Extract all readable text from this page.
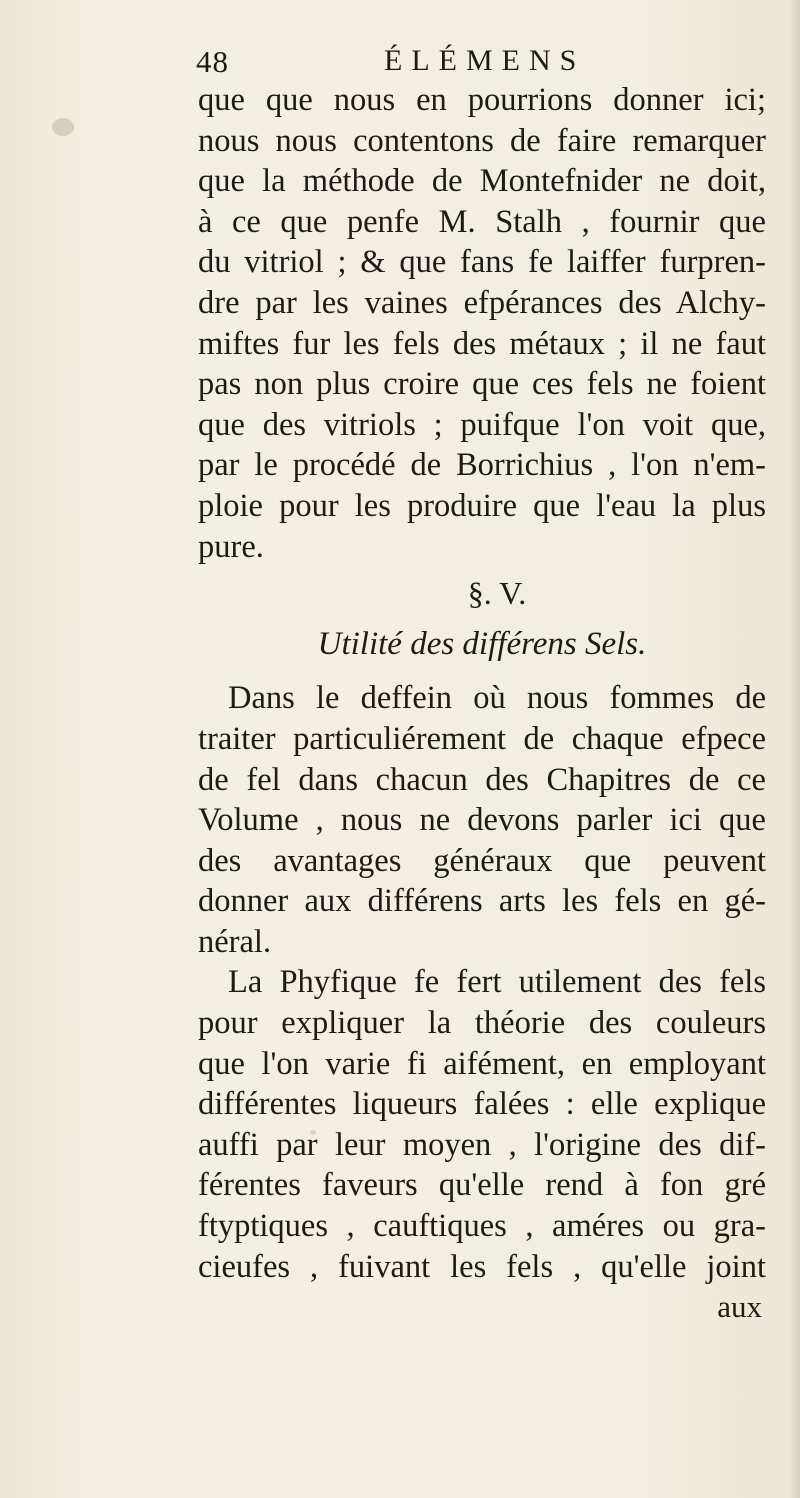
48	ÉLÉMENS

que que nous en pourrions donner ici;
nous nous contentons de faire remarquer
que la méthode de Montefnider ne doit,
à ce que penfe M. Stalh , fournir que
du vitriol ; & que fans fe laiffer furpren-
dre par les vaines efpérances des Alchy-
miftes fur les fels des métaux ; il ne faut
pas non plus croire que ces fels ne foient
que des vitriols ; puifque l'on voit que,
par le procédé de Borrichius , l'on n'em-
ploie pour les produire que l'eau la plus
pure.

§. V.
Utilité des différens Sels.

Dans le deffein où nous fommes de
traiter particuliérement de chaque efpece
de fel dans chacun des Chapitres de ce
Volume , nous ne devons parler ici que
des avantages généraux que peuvent
donner aux différens arts les fels en gé-
néral.

La Phyfique fe fert utilement des fels
pour expliquer la théorie des couleurs
que l'on varie fi aifément, en employant
différentes liqueurs falées : elle explique
auffi par leur moyen , l'origine des dif-
férentes faveurs qu'elle rend à fon gré
ftyptiques , cauftiques , améres ou gra-
cieufes , fuivant les fels , qu'elle joint

aux
